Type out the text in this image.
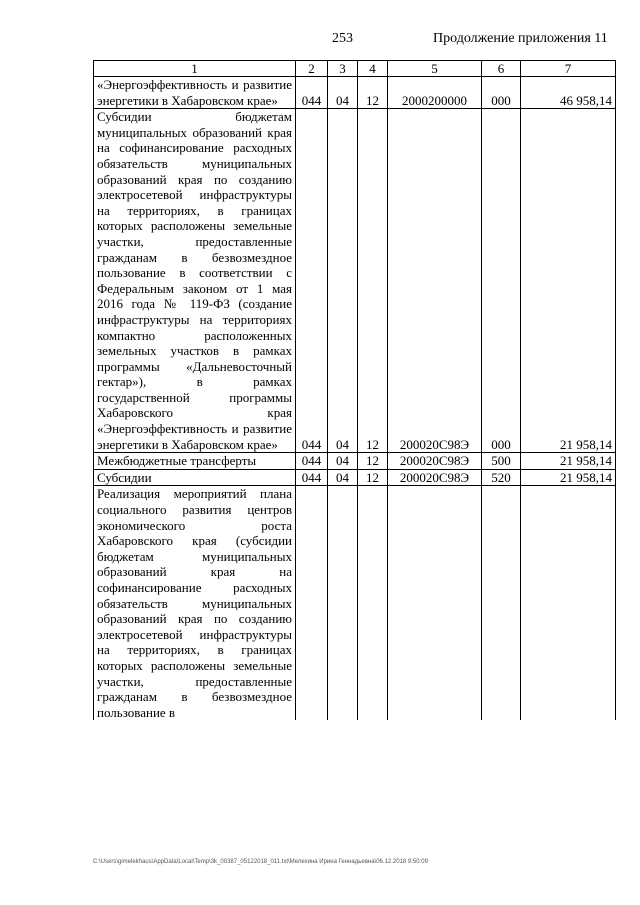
253	Продолжение приложения 11
1	2	3	4	5	6	7
«Энергоэффективность и развитие энергетики в Хабаровском крае»	044	04	12	2000200000	000	46 958,14
Субсидии бюджетам муниципальных образований края на софинансирование расходных обязательств муниципальных образований края по созданию электросетевой инфраструктуры на территориях, в границах которых расположены земельные участки, предоставленные гражданам в безвозмездное пользование в соответствии с Федеральным законом от 1 мая 2016 года № 119-ФЗ (создание инфраструктуры на территориях компактно расположенных земельных участков в рамках программы «Дальневосточный гектар»), в рамках государственной программы Хабаровского края «Энергоэффективность и развитие энергетики в Хабаровском крае»	044	04	12	200020С98Э	000	21 958,14
Межбюджетные трансферты	044	04	12	200020С98Э	500	21 958,14
Субсидии	044	04	12	200020С98Э	520	21 958,14
Реализация мероприятий плана социального развития центров экономического роста Хабаровского края (субсидии бюджетам муниципальных образований края на софинансирование расходных обязательств муниципальных образований края по созданию электросетевой инфраструктуры на территориях, в границах которых расположены земельные участки, предоставленные гражданам в безвозмездное пользование в						
C:\Users\gimelekhaus\AppData\Local\Temp\3k_00387_05122018_011.txt\Мелехина Ирина Геннадьевна\06.12.2018 9:50:09
